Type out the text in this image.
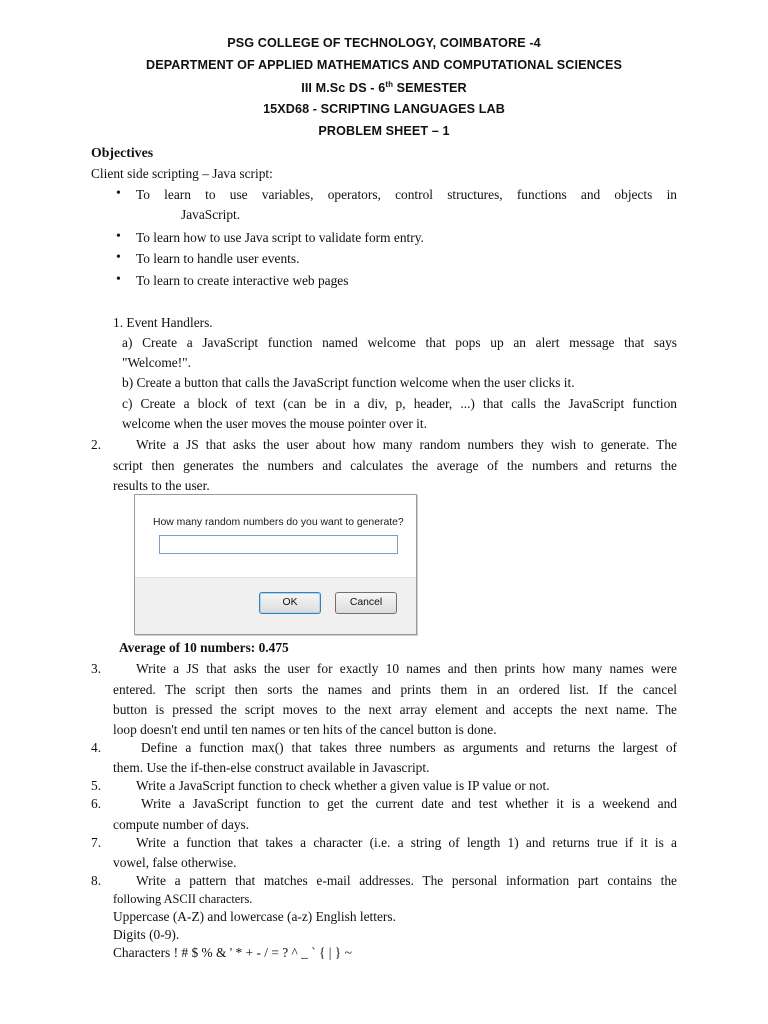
PSG COLLEGE OF TECHNOLOGY, COIMBATORE -4
DEPARTMENT OF APPLIED MATHEMATICS AND COMPUTATIONAL SCIENCES
III M.Sc DS - 6th SEMESTER
15XD68 - SCRIPTING LANGUAGES LAB
PROBLEM SHEET – 1
Objectives
Client side scripting – Java script:
• To learn to use variables, operators, control structures, functions and objects in
JavaScript.
• To learn how to use Java script to validate form entry.
• To learn to handle user events.
• To learn to create interactive web pages
1. Event Handlers.
a) Create a JavaScript function named welcome that pops up an alert message that says
"Welcome!".
b) Create a button that calls the JavaScript function welcome when the user clicks it.
c) Create a block of text (can be in a div, p, header, ...) that calls the JavaScript function
welcome when the user moves the mouse pointer over it.
2.	Write a JS that asks the user about how many random numbers they wish to generate. The
script then generates the numbers and calculates the average of the numbers and returns the
results to the user.
How many random numbers do you want to generate?
OK	Cancel
Average of 10 numbers: 0.475
3.	Write a JS that asks the user for exactly 10 names and then prints how many names were
entered. The script then sorts the names and prints them in an ordered list. If the cancel
button is pressed the script moves to the next array element and accepts the next name. The
loop doesn't end until ten names or ten hits of the cancel button is done.
4.	Define a function max() that takes three numbers as arguments and returns the largest of
them. Use the if-then-else construct available in Javascript.
5.	Write a JavaScript function to check whether a given value is IP value or not.
6.	Write a JavaScript function to get the current date and test whether it is a weekend and
compute number of days.
7.	Write a function that takes a character (i.e. a string of length 1) and returns true if it is a
vowel, false otherwise.
8.	Write a pattern that matches e-mail addresses. The personal information part contains the
following ASCII characters.
Uppercase (A-Z) and lowercase (a-z) English letters.
Digits (0-9).
Characters ! # $ % & ' * + - / = ? ^ _ ` { | } ~
